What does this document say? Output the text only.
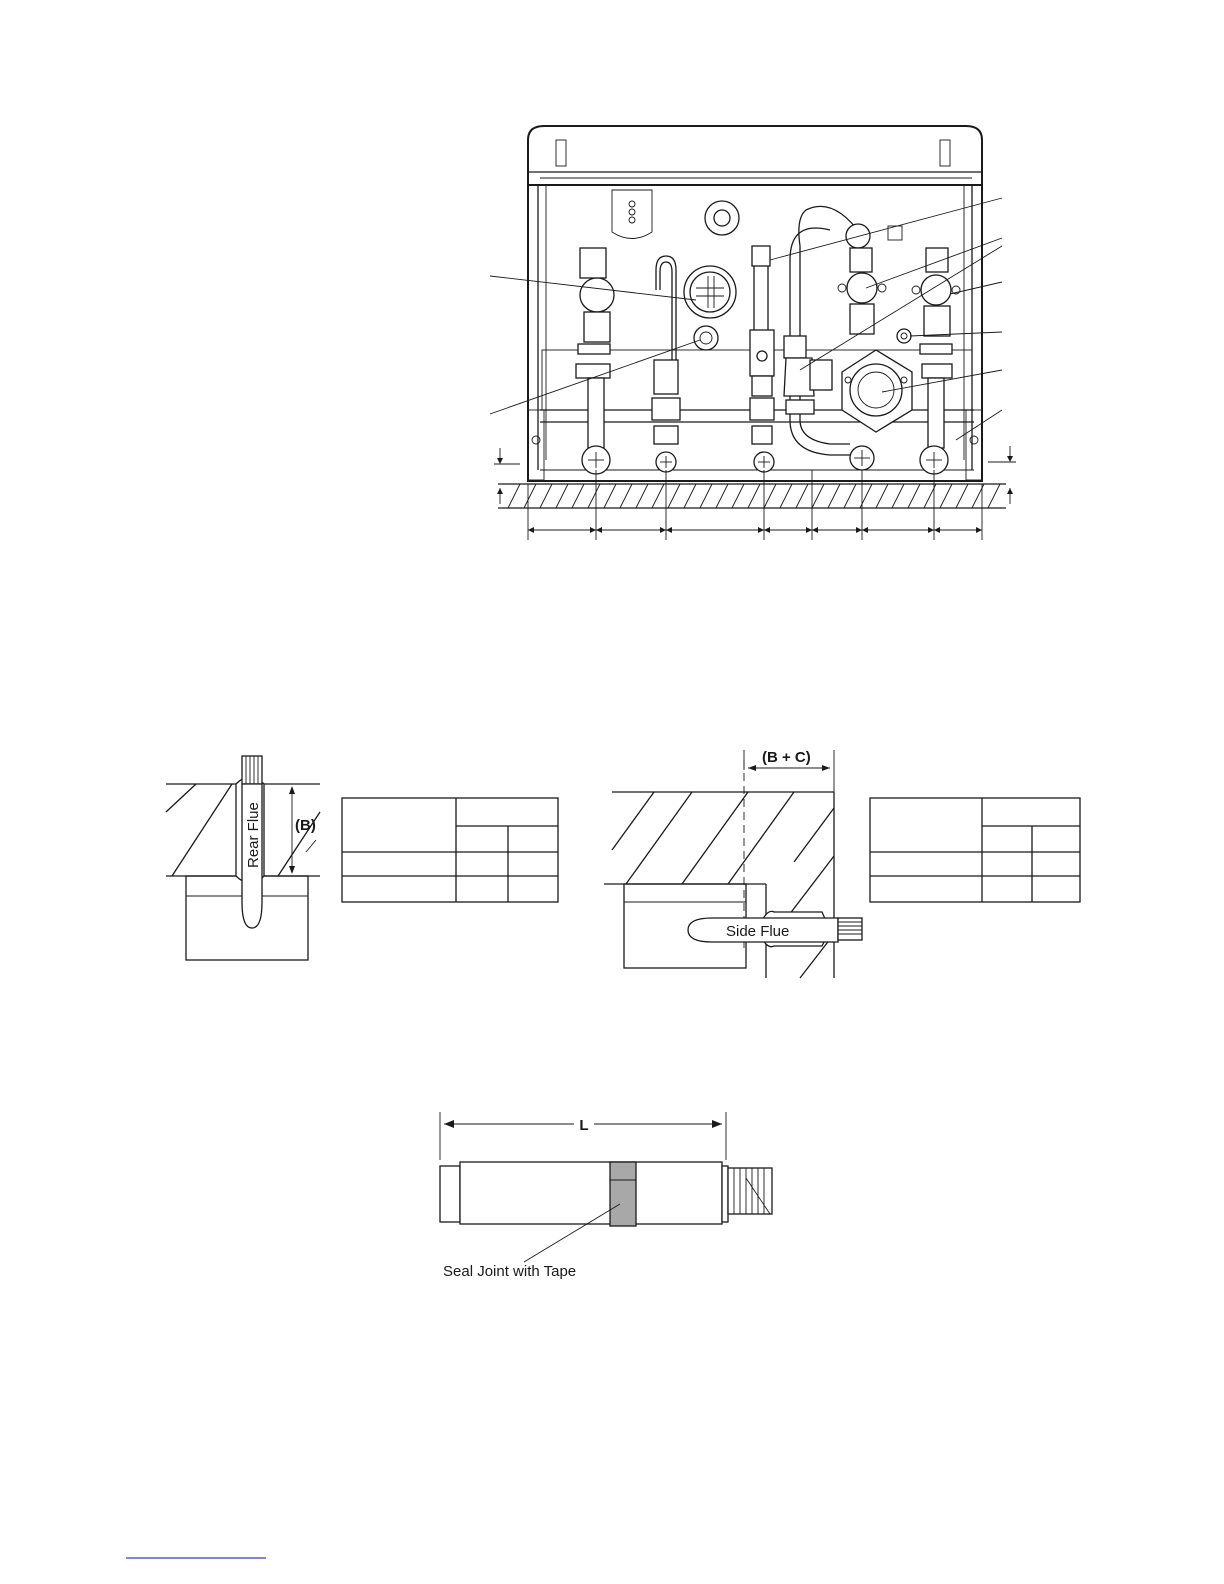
Rear Flue (B)
Side Flue
(B + C)
L
Seal Joint with Tape
